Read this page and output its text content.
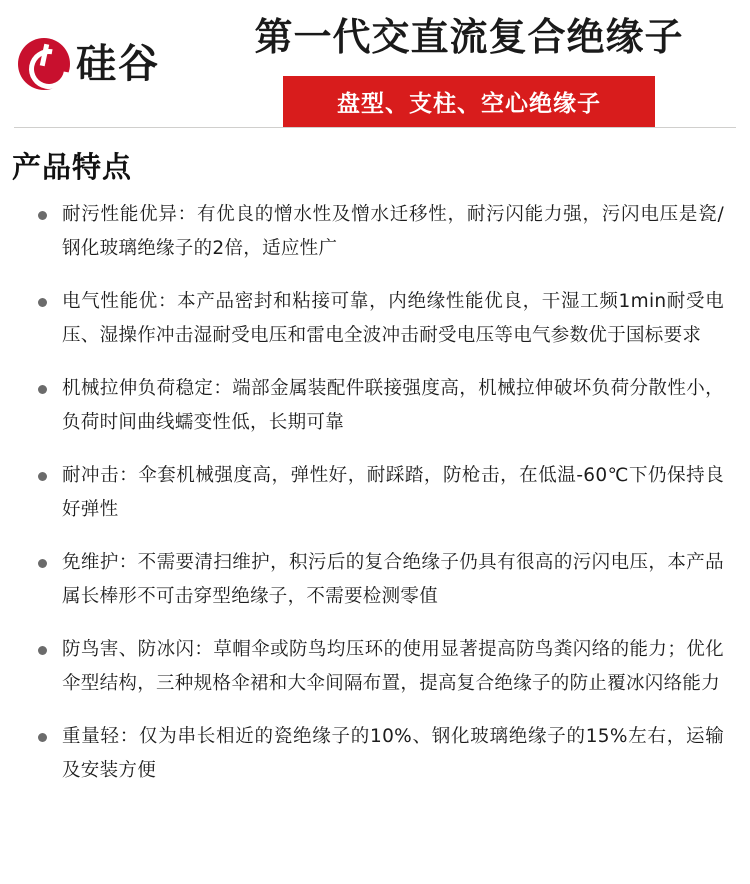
硅谷
第一代交直流复合绝缘子
盘型、支柱、空心绝缘子
产品特点
耐污性能优异：有优良的憎水性及憎水迁移性，耐污闪能力强，污闪电压是瓷/钢化玻璃绝缘子的2倍，适应性广
电气性能优：本产品密封和粘接可靠，内绝缘性能优良，干湿工频1min耐受电压、湿操作冲击湿耐受电压和雷电全波冲击耐受电压等电气参数优于国标要求
机械拉伸负荷稳定：端部金属装配件联接强度高，机械拉伸破坏负荷分散性小，负荷时间曲线蠕变性低，长期可靠
耐冲击：伞套机械强度高，弹性好，耐踩踏，防枪击，在低温-60℃下仍保持良好弹性
免维护：不需要清扫维护，积污后的复合绝缘子仍具有很高的污闪电压，本产品属长棒形不可击穿型绝缘子，不需要检测零值
防鸟害、防冰闪：草帽伞或防鸟均压环的使用显著提高防鸟粪闪络的能力；优化伞型结构，三种规格伞裙和大伞间隔布置，提高复合绝缘子的防止覆冰闪络能力
重量轻：仅为串长相近的瓷绝缘子的10%、钢化玻璃绝缘子的15%左右，运输及安装方便
